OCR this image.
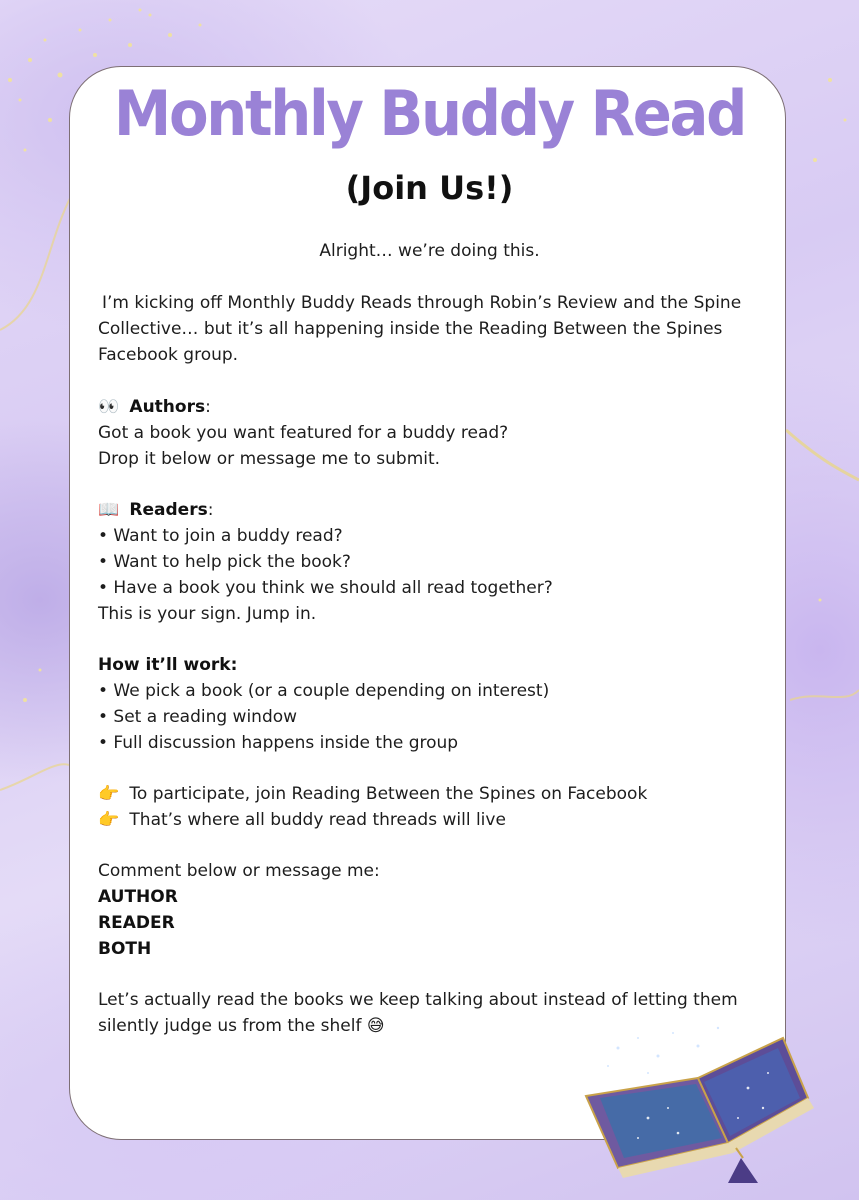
Monthly Buddy Read
(Join Us!)

Alright… we’re doing this.

I’m kicking off Monthly Buddy Reads through Robin’s Review and the Spine

Collective… but it’s all happening inside the Reading Between the Spines

Facebook group.

👀 Authors:

Got a book you want featured for a buddy read?

Drop it below or message me to submit.

📖 Readers:

• Want to join a buddy read?

• Want to help pick the book?

• Have a book you think we should all read together?

This is your sign. Jump in.

How it’ll work:

• We pick a book (or a couple depending on interest)

• Set a reading window

• Full discussion happens inside the group

👉 To participate, join Reading Between the Spines on Facebook

👉 That’s where all buddy read threads will live

Comment below or message me:

AUTHOR

READER

BOTH

Let’s actually read the books we keep talking about instead of letting them

silently judge us from the shelf 😅
